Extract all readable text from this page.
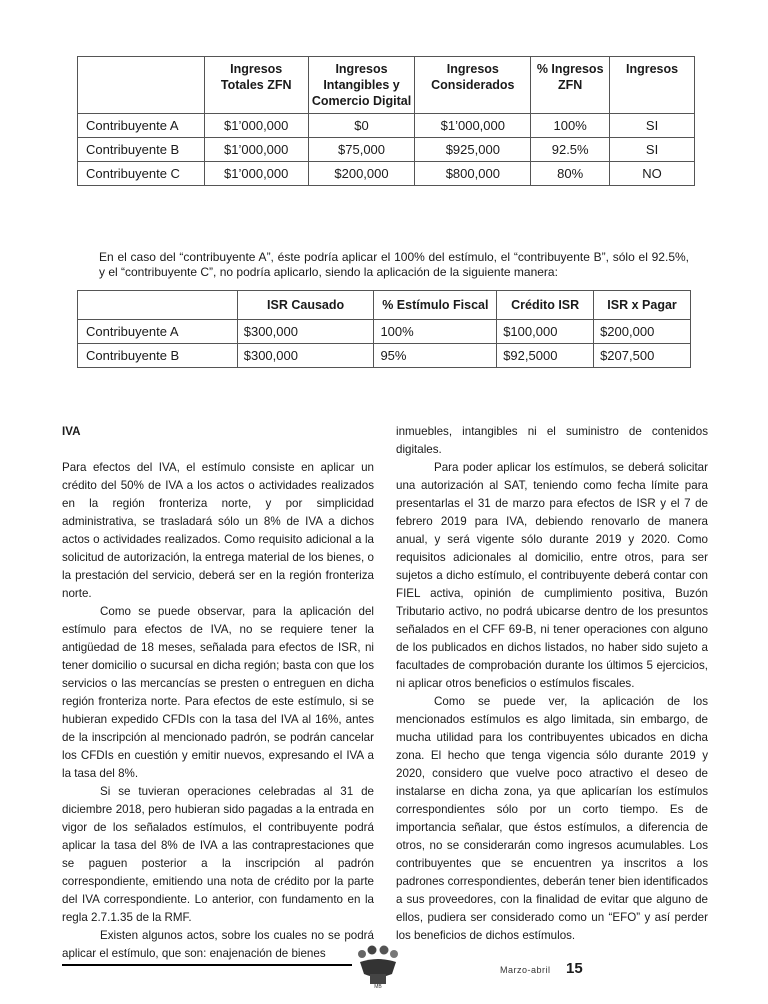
	Ingresos Totales ZFN	Ingresos Intangibles y Comercio Digital	Ingresos Considerados	% Ingresos ZFN	Ingresos
Contribuyente A	$1’000,000	$0	$1’000,000	100%	SI
Contribuyente B	$1’000,000	$75,000	$925,000	92.5%	SI
Contribuyente C	$1’000,000	$200,000	$800,000	80%	NO
En el caso del “contribuyente A”, éste podría aplicar el 100% del estímulo, el “contribuyente B”, sólo el 92.5%, y el “contribuyente C”, no podría aplicarlo, siendo la aplicación de la siguiente manera:
	ISR Causado	% Estímulo Fiscal	Crédito ISR	ISR x Pagar
Contribuyente A	$300,000	100%	$100,000	$200,000
Contribuyente B	$300,000	95%	$92,5000	$207,500

IVA

Para efectos del IVA, el estímulo consiste en aplicar un crédito del 50% de IVA a los actos o actividades realizados en la región fronteriza norte, y por simplicidad administrativa, se trasladará sólo un 8% de IVA a dichos actos o actividades realizados. Como requisito adicional a la solicitud de autorización, la entrega material de los bienes, o la prestación del servicio, deberá ser en la región fronteriza norte.

Como se puede observar, para la aplicación del estímulo para efectos de IVA, no se requiere tener la antigüedad de 18 meses, señalada para efectos de ISR, ni tener domicilio o sucursal en dicha región; basta con que los servicios o las mercancías se presten o entreguen en dicha región fronteriza norte. Para efectos de este estímulo, si se hubieran expedido CFDIs con la tasa del IVA al 16%, antes de la inscripción al mencionado padrón, se podrán cancelar los CFDIs en cuestión y emitir nuevos, expresando el IVA a la tasa del 8%.

Si se tuvieran operaciones celebradas al 31 de diciembre 2018, pero hubieran sido pagadas a la entrada en vigor de los señalados estímulos, el contribuyente podrá aplicar la tasa del 8% de IVA a las contraprestaciones que se paguen posterior a la inscripción al padrón correspondiente, emitiendo una nota de crédito por la parte del IVA correspondiente. Lo anterior, con fundamento en la regla 2.7.1.35 de la RMF.

Existen algunos actos, sobre los cuales no se podrá aplicar el estímulo, que son: enajenación de bienes

inmuebles, intangibles ni el suministro de contenidos digitales.

Para poder aplicar los estímulos, se deberá solicitar una autorización al SAT, teniendo como fecha límite para presentarlas el 31 de marzo para efectos de ISR y el 7 de febrero 2019 para IVA, debiendo renovarlo de manera anual, y será vigente sólo durante 2019 y 2020. Como requisitos adicionales al domicilio, entre otros, para ser sujetos a dicho estímulo, el contribuyente deberá contar con FIEL activa, opinión de cumplimiento positiva, Buzón Tributario activo, no podrá ubicarse dentro de los presuntos señalados en el CFF 69-B, ni tener operaciones con alguno de los publicados en dichos listados, no haber sido sujeto a facultades de comprobación durante los últimos 5 ejercicios, ni aplicar otros beneficios o estímulos fiscales.

Como se puede ver, la aplicación de los mencionados estímulos es algo limitada, sin embargo, de mucha utilidad para los contribuyentes ubicados en dicha zona. El hecho que tenga vigencia sólo durante 2019 y 2020, considero que vuelve poco atractivo el deseo de instalarse en dicha zona, ya que aplicarían los estímulos correspondientes sólo por un corto tiempo. Es de importancia señalar, que éstos estímulos, a diferencia de otros, no se considerarán como ingresos acumulables. Los contribuyentes que se encuentren ya inscritos a los padrones correspondientes, deberán tener bien identificados a sus proveedores, con la finalidad de evitar que alguno de ellos, pudiera ser considerado como un “EFO” y así perder los beneficios de dichos estímulos.

MB
Marzo-abril 15
